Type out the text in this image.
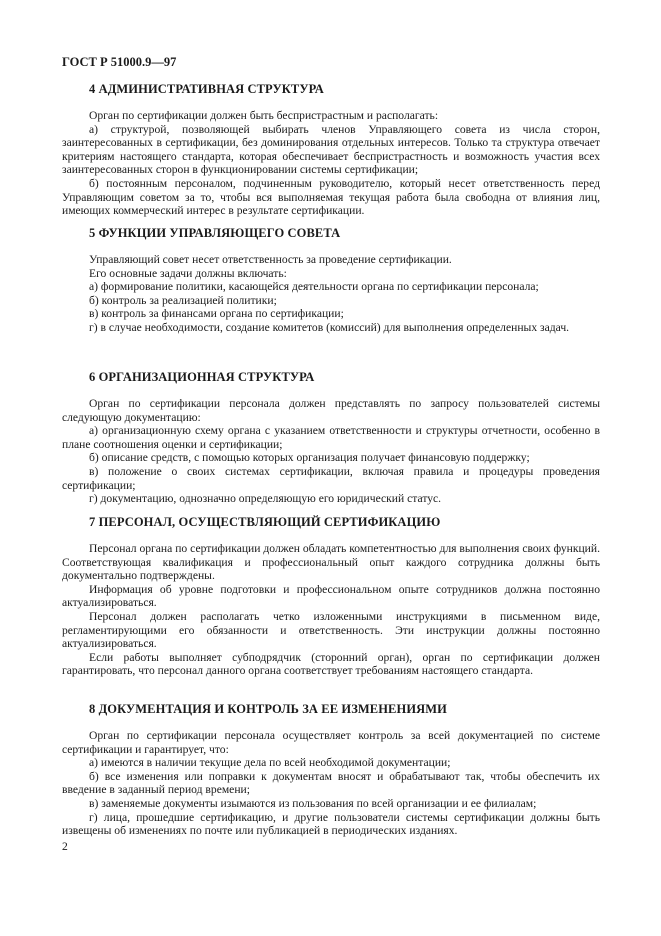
ГОСТ Р 51000.9—97
4 АДМИНИСТРАТИВНАЯ СТРУКТУРА

Орган по сертификации должен быть беспристрастным и располагать:

а) структурой, позволяющей выбирать членов Управляющего совета из числа сторон, заинтересованных в сертификации, без доминирования отдельных интересов. Только та структура отвечает критериям настоящего стандарта, которая обеспечивает беспристрастность и возможность участия всех заинтересованных сторон в функционировании системы сертификации;

б) постоянным персоналом, подчиненным руководителю, который несет ответственность перед Управляющим советом за то, чтобы вся выполняемая текущая работа была свободна от влияния лиц, имеющих коммерческий интерес в результате сертификации.

5 ФУНКЦИИ УПРАВЛЯЮЩЕГО СОВЕТА

Управляющий совет несет ответственность за проведение сертификации.

Его основные задачи должны включать:

а) формирование политики, касающейся деятельности органа по сертификации персонала;

б) контроль за реализацией политики;

в) контроль за финансами органа по сертификации;

г) в случае необходимости, создание комитетов (комиссий) для выполнения определенных задач.

6 ОРГАНИЗАЦИОННАЯ СТРУКТУРА

Орган по сертификации персонала должен представлять по запросу пользователей системы следующую документацию:

а) организационную схему органа с указанием ответственности и структуры отчетности, особенно в плане соотношения оценки и сертификации;

б) описание средств, с помощью которых организация получает финансовую поддержку;

в) положение о своих системах сертификации, включая правила и процедуры проведения сертификации;

г) документацию, однозначно определяющую его юридический статус.

7 ПЕРСОНАЛ, ОСУЩЕСТВЛЯЮЩИЙ СЕРТИФИКАЦИЮ

Персонал органа по сертификации должен обладать компетентностью для выполнения своих функций. Соответствующая квалификация и профессиональный опыт каждого сотрудника должны быть документально подтверждены.

Информация об уровне подготовки и профессиональном опыте сотрудников должна постоянно актуализироваться.

Персонал должен располагать четко изложенными инструкциями в письменном виде, регламентирующими его обязанности и ответственность. Эти инструкции должны постоянно актуализироваться.

Если работы выполняет субподрядчик (сторонний орган), орган по сертификации должен гарантировать, что персонал данного органа соответствует требованиям настоящего стандарта.

8 ДОКУМЕНТАЦИЯ И КОНТРОЛЬ ЗА ЕЕ ИЗМЕНЕНИЯМИ

Орган по сертификации персонала осуществляет контроль за всей документацией по системе сертификации и гарантирует, что:

а) имеются в наличии текущие дела по всей необходимой документации;

б) все изменения или поправки к документам вносят и обрабатывают так, чтобы обеспечить их введение в заданный период времени;

в) заменяемые документы изымаются из пользования по всей организации и ее филиалам;

г) лица, прошедшие сертификацию, и другие пользователи системы сертификации должны быть извещены об изменениях по почте или публикацией в периодических изданиях.

2
